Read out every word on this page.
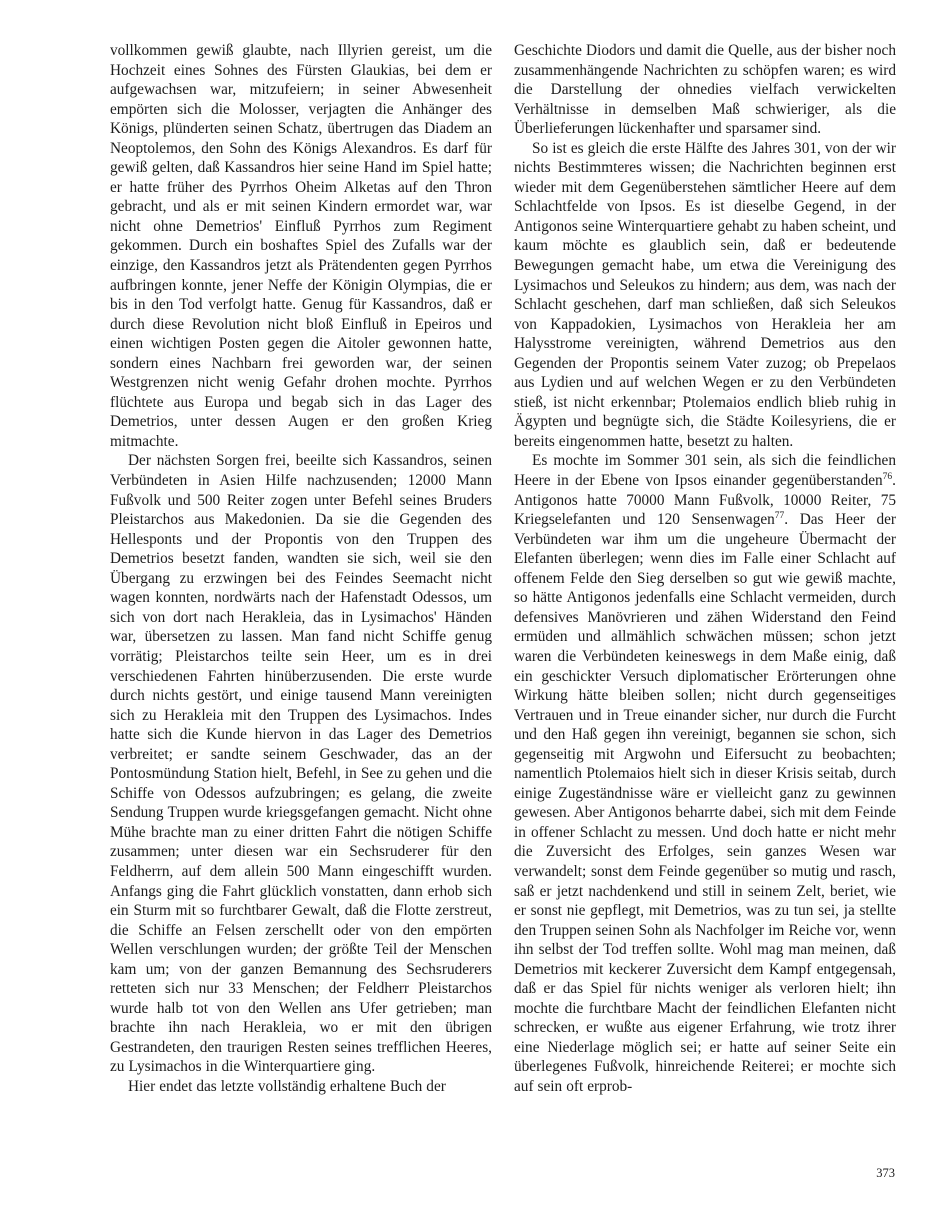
vollkommen gewiß glaubte, nach Illyrien gereist, um die Hochzeit eines Sohnes des Fürsten Glaukias, bei dem er aufgewachsen war, mitzufeiern; in seiner Abwesenheit empörten sich die Molosser, verjagten die Anhänger des Königs, plünderten seinen Schatz, übertrugen das Diadem an Neoptolemos, den Sohn des Königs Alexandros. Es darf für gewiß gelten, daß Kassandros hier seine Hand im Spiel hatte; er hatte früher des Pyrrhos Oheim Alketas auf den Thron gebracht, und als er mit seinen Kindern ermordet war, war nicht ohne Demetrios' Einfluß Pyrrhos zum Regiment gekommen. Durch ein boshaftes Spiel des Zufalls war der einzige, den Kassandros jetzt als Prätendenten gegen Pyrrhos aufbringen konnte, jener Neffe der Königin Olympias, die er bis in den Tod verfolgt hatte. Genug für Kassandros, daß er durch diese Revolution nicht bloß Einfluß in Epeiros und einen wichtigen Posten gegen die Aitoler gewonnen hatte, sondern eines Nachbarn frei geworden war, der seinen Westgrenzen nicht wenig Gefahr drohen mochte. Pyrrhos flüchtete aus Europa und begab sich in das Lager des Demetrios, unter dessen Augen er den großen Krieg mitmachte.

Der nächsten Sorgen frei, beeilte sich Kassandros, seinen Verbündeten in Asien Hilfe nachzusenden; 12000 Mann Fußvolk und 500 Reiter zogen unter Befehl seines Bruders Pleistarchos aus Makedonien. Da sie die Gegenden des Hellesponts und der Propontis von den Truppen des Demetrios besetzt fanden, wandten sie sich, weil sie den Übergang zu erzwingen bei des Feindes Seemacht nicht wagen konnten, nordwärts nach der Hafenstadt Odessos, um sich von dort nach Herakleia, das in Lysimachos' Händen war, übersetzen zu lassen. Man fand nicht Schiffe genug vorrätig; Pleistarchos teilte sein Heer, um es in drei verschiedenen Fahrten hinüberzusenden. Die erste wurde durch nichts gestört, und einige tausend Mann vereinigten sich zu Herakleia mit den Truppen des Lysimachos. Indes hatte sich die Kunde hiervon in das Lager des Demetrios verbreitet; er sandte seinem Geschwader, das an der Pontosmündung Station hielt, Befehl, in See zu gehen und die Schiffe von Odessos aufzubringen; es gelang, die zweite Sendung Truppen wurde kriegsgefangen gemacht. Nicht ohne Mühe brachte man zu einer dritten Fahrt die nötigen Schiffe zusammen; unter diesen war ein Sechsruderer für den Feldherrn, auf dem allein 500 Mann eingeschifft wurden. Anfangs ging die Fahrt glücklich vonstatten, dann erhob sich ein Sturm mit so furchtbarer Gewalt, daß die Flotte zerstreut, die Schiffe an Felsen zerschellt oder von den empörten Wellen verschlungen wurden; der größte Teil der Menschen kam um; von der ganzen Bemannung des Sechsruderers retteten sich nur 33 Menschen; der Feldherr Pleistarchos wurde halb tot von den Wellen ans Ufer getrieben; man brachte ihn nach Herakleia, wo er mit den übrigen Gestrandeten, den traurigen Resten seines trefflichen Heeres, zu Lysimachos in die Winterquartiere ging.

Hier endet das letzte vollständig erhaltene Buch der

Geschichte Diodors und damit die Quelle, aus der bisher noch zusammenhängende Nachrichten zu schöpfen waren; es wird die Darstellung der ohnedies vielfach verwickelten Verhältnisse in demselben Maß schwieriger, als die Überlieferungen lückenhafter und sparsamer sind.

So ist es gleich die erste Hälfte des Jahres 301, von der wir nichts Bestimmteres wissen; die Nachrichten beginnen erst wieder mit dem Gegenüberstehen sämtlicher Heere auf dem Schlachtfelde von Ipsos. Es ist dieselbe Gegend, in der Antigonos seine Winterquartiere gehabt zu haben scheint, und kaum möchte es glaublich sein, daß er bedeutende Bewegungen gemacht habe, um etwa die Vereinigung des Lysimachos und Seleukos zu hindern; aus dem, was nach der Schlacht geschehen, darf man schließen, daß sich Seleukos von Kappadokien, Lysimachos von Herakleia her am Halysstrome vereinigten, während Demetrios aus den Gegenden der Propontis seinem Vater zuzog; ob Prepelaos aus Lydien und auf welchen Wegen er zu den Verbündeten stieß, ist nicht erkennbar; Ptolemaios endlich blieb ruhig in Ägypten und begnügte sich, die Städte Koilesyriens, die er bereits eingenommen hatte, besetzt zu halten.

Es mochte im Sommer 301 sein, als sich die feindlichen Heere in der Ebene von Ipsos einander gegenüberstanden$^{76}$. Antigonos hatte 70000 Mann Fußvolk, 10000 Reiter, 75 Kriegselefanten und 120 Sensenwagen$^{77}$. Das Heer der Verbündeten war ihm um die ungeheure Übermacht der Elefanten überlegen; wenn dies im Falle einer Schlacht auf offenem Felde den Sieg derselben so gut wie gewiß machte, so hätte Antigonos jedenfalls eine Schlacht vermeiden, durch defensives Manövrieren und zähen Widerstand den Feind ermüden und allmählich schwächen müssen; schon jetzt waren die Verbündeten keineswegs in dem Maße einig, daß ein geschickter Versuch diplomatischer Erörterungen ohne Wirkung hätte bleiben sollen; nicht durch gegenseitiges Vertrauen und in Treue einander sicher, nur durch die Furcht und den Haß gegen ihn vereinigt, begannen sie schon, sich gegenseitig mit Argwohn und Eifersucht zu beobachten; namentlich Ptolemaios hielt sich in dieser Krisis seitab, durch einige Zugeständnisse wäre er vielleicht ganz zu gewinnen gewesen. Aber Antigonos beharrte dabei, sich mit dem Feinde in offener Schlacht zu messen. Und doch hatte er nicht mehr die Zuversicht des Erfolges, sein ganzes Wesen war verwandelt; sonst dem Feinde gegenüber so mutig und rasch, saß er jetzt nachdenkend und still in seinem Zelt, beriet, wie er sonst nie gepflegt, mit Demetrios, was zu tun sei, ja stellte den Truppen seinen Sohn als Nachfolger im Reiche vor, wenn ihn selbst der Tod treffen sollte. Wohl mag man meinen, daß Demetrios mit keckerer Zuversicht dem Kampf entgegensah, daß er das Spiel für nichts weniger als verloren hielt; ihn mochte die furchtbare Macht der feindlichen Elefanten nicht schrecken, er wußte aus eigener Erfahrung, wie trotz ihrer eine Niederlage möglich sei; er hatte auf seiner Seite ein überlegenes Fußvolk, hinreichende Reiterei; er mochte sich auf sein oft erprob-

373
